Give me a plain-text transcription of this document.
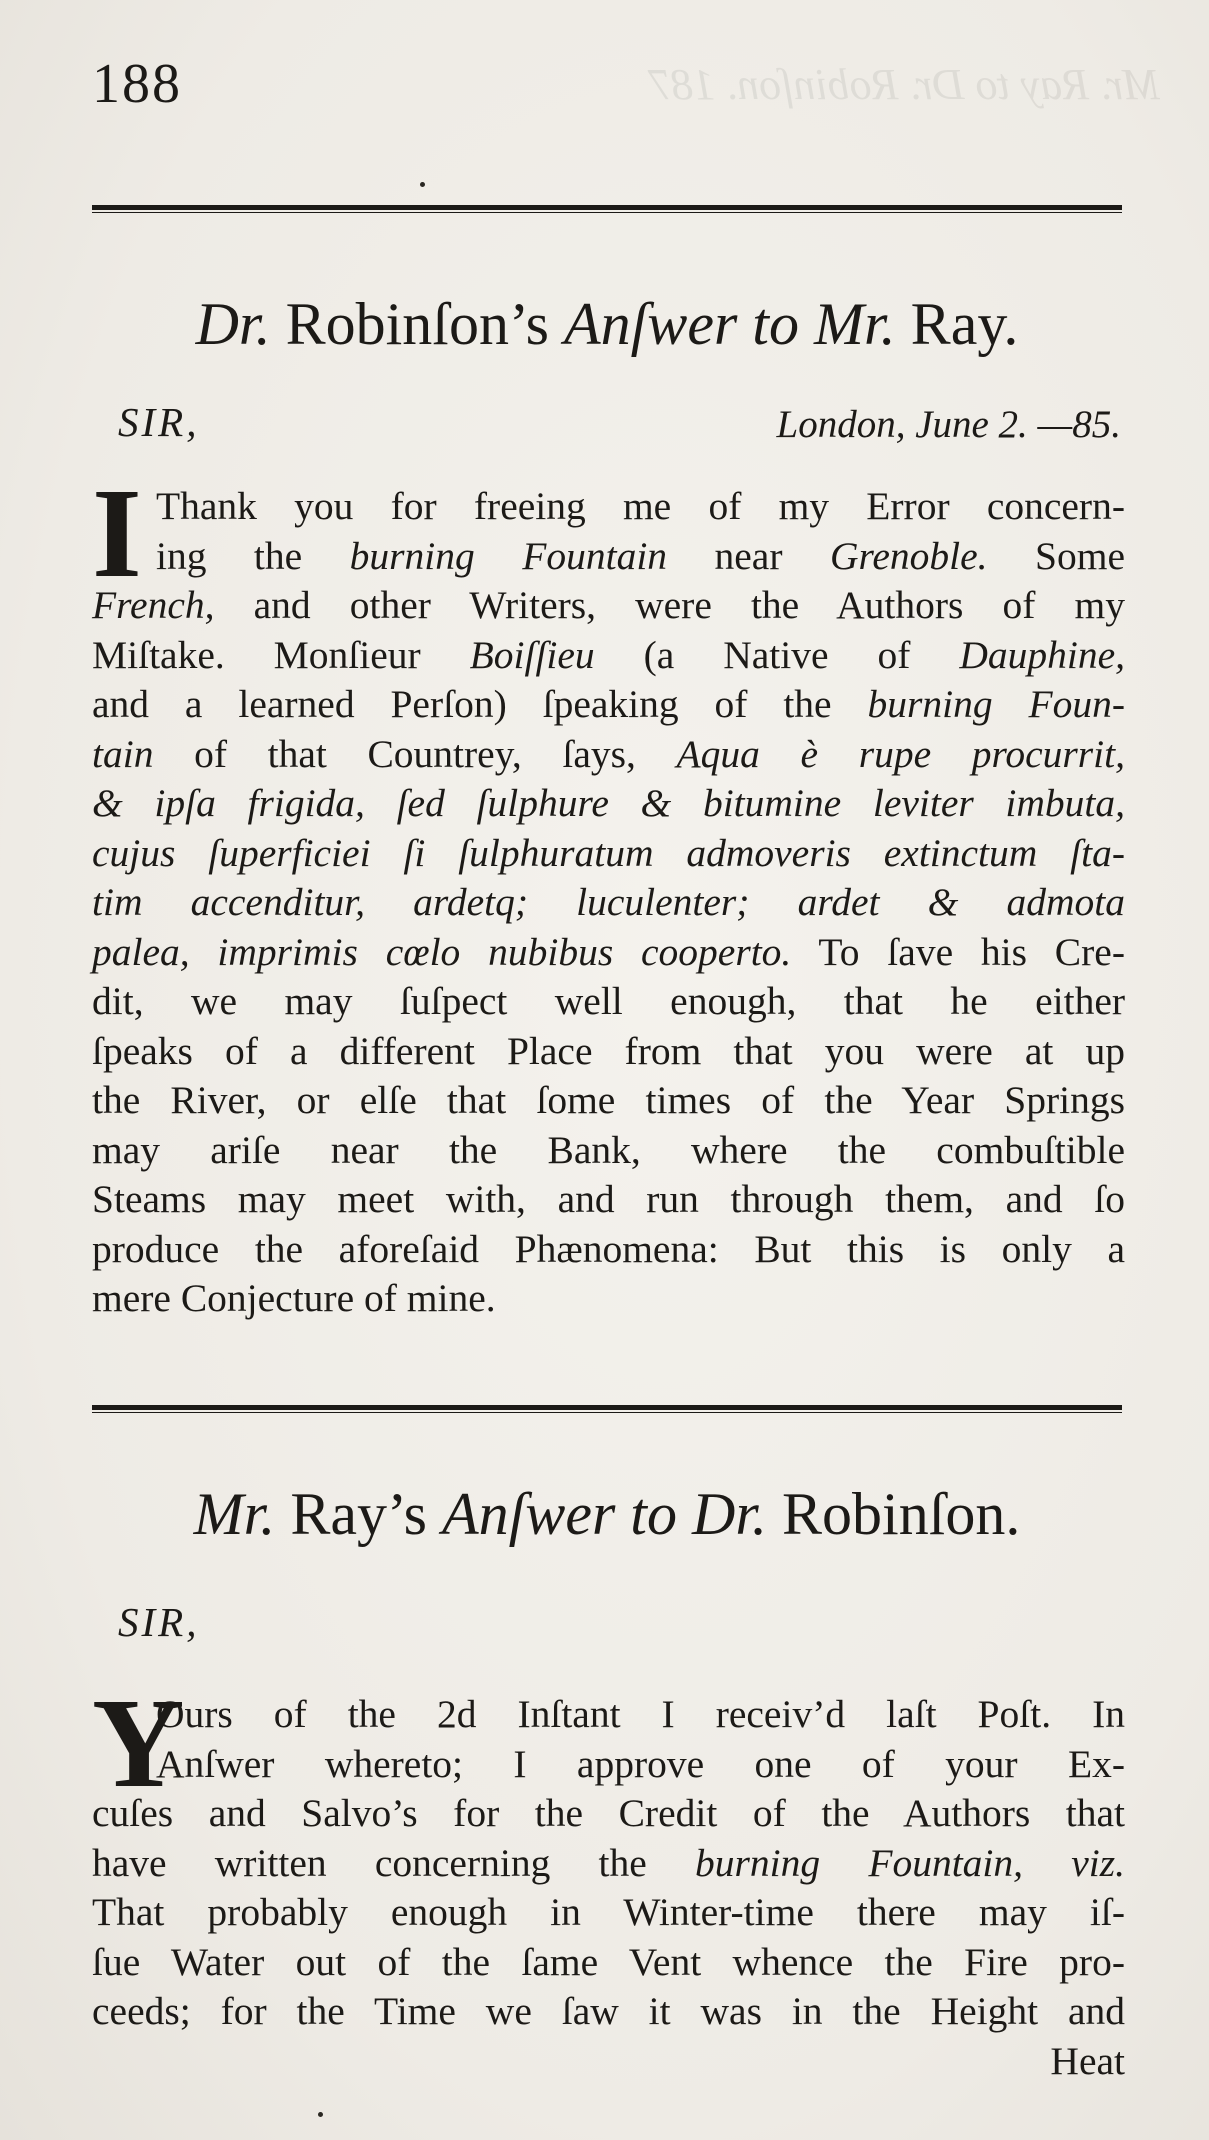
Mr. Ray to Dr. Robinſon. 187
188
Dr. Robinſon’s Anſwer to Mr. Ray.
SIR,	London, June 2. —85.
I Thank you for freeing me of my Error concern-
ing the burning Fountain near Grenoble. Some
French, and other Writers, were the Authors of my
Miſtake. Monſieur Boiſſieu (a Native of Dauphine,
and a learned Perſon) ſpeaking of the burning Foun-
tain of that Countrey, ſays, Aqua è rupe procurrit,
& ipſa frigida, ſed ſulphure & bitumine leviter imbuta,
cujus ſuperficiei ſi ſulphuratum admoveris extinctum ſta-
tim accenditur, ardetq; luculenter; ardet & admota
palea, imprimis cœlo nubibus cooperto. To ſave his Cre-
dit, we may ſuſpect well enough, that he either
ſpeaks of a different Place from that you were at up
the River, or elſe that ſome times of the Year Springs
may ariſe near the Bank, where the combuſtible
Steams may meet with, and run through them, and ſo
produce the aforeſaid Phænomena: But this is only a
mere Conjecture of mine.
Mr. Ray’s Anſwer to Dr. Robinſon.
SIR,
Y
Ours of the 2d Inſtant I receiv’d laſt Poſt. In
Anſwer whereto; I approve one of your Ex-
cuſes and Salvo’s for the Credit of the Authors that
have written concerning the burning Fountain, viz.
That probably enough in Winter-time there may iſ-
ſue Water out of the ſame Vent whence the Fire pro-
ceeds; for the Time we ſaw it was in the Height and
Heat
